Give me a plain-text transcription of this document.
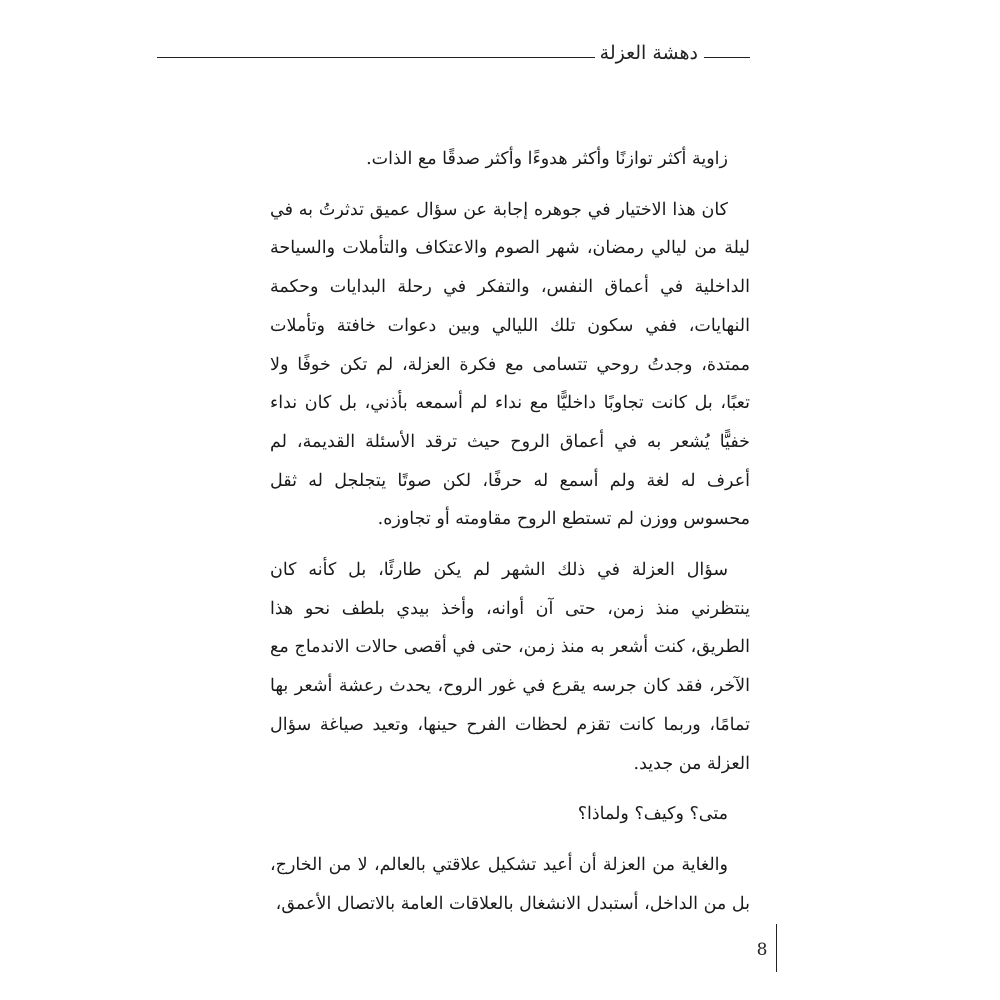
دهشة العزلة

زاوية أكثر توازنًا وأكثر هدوءًا وأكثر صدقًا مع الذات.

كان هذا الاختيار في جوهره إجابة عن سؤال عميق تدثرتُ به في ليلة من ليالي رمضان، شهر الصوم والاعتكاف والتأملات والسياحة الداخلية في أعماق النفس، والتفكر في رحلة البدايات وحكمة النهايات، ففي سكون تلك الليالي وبين دعوات خافتة وتأملات ممتدة، وجدتُ روحي تتسامى مع فكرة العزلة، لم تكن خوفًا ولا تعبًا، بل كانت تجاوبًا داخليًّا مع نداء لم أسمعه بأذني، بل كان نداء خفيًّا يُشعر به في أعماق الروح حيث ترقد الأسئلة القديمة، لم أعرف له لغة ولم أسمع له حرفًا، لكن صوتًا يتجلجل له ثقل محسوس ووزن لم تستطع الروح مقاومته أو تجاوزه.

سؤال العزلة في ذلك الشهر لم يكن طارئًا، بل كأنه كان ينتظرني منذ زمن، حتى آن أوانه، وأخذ بيدي بلطف نحو هذا الطريق، كنت أشعر به منذ زمن، حتى في أقصى حالات الاندماج مع الآخر، فقد كان جرسه يقرع في غور الروح، يحدث رعشة أشعر بها تمامًا، وربما كانت تقزم لحظات الفرح حينها، وتعيد صياغة سؤال العزلة من جديد.

متى؟ وكيف؟ ولماذا؟

والغاية من العزلة أن أعيد تشكيل علاقتي بالعالم، لا من الخارج، بل من الداخل، أستبدل الانشغال بالعلاقات العامة بالاتصال الأعمق،

8
